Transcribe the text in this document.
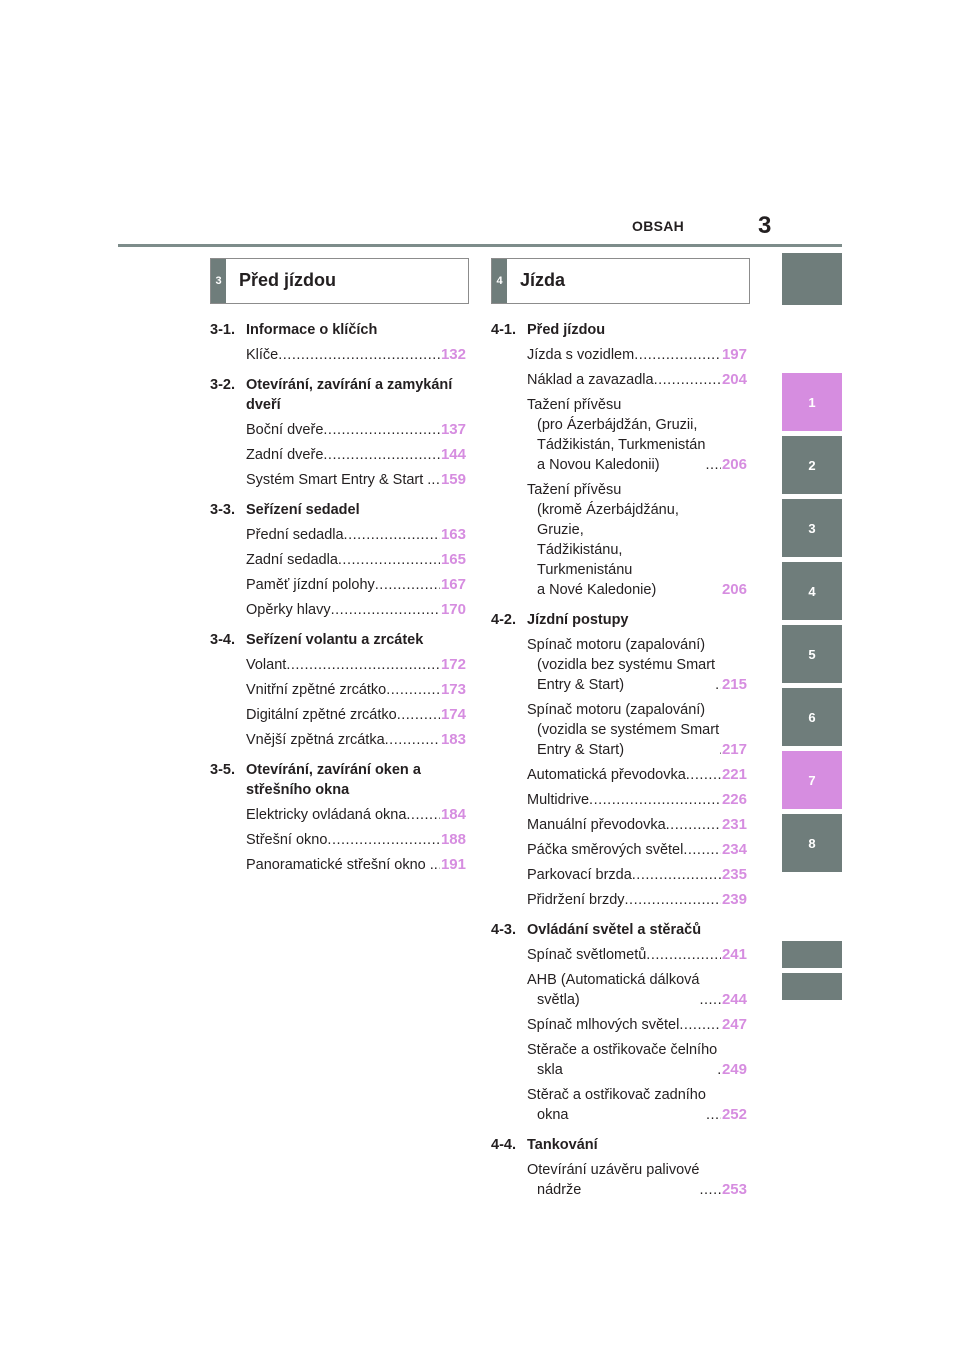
OBSAH	3
1
2
3
4
5
6
7
8
3 Před jízdou	4 Jízda
3-1. Informace o klíčích
Klíče .....	132
3-2. Otevírání, zavírání a zamykání dveří
Boční dveře .....	137
Zadní dveře .....	144
Systém Smart Entry & Start . ..... 159
3-3. Seřízení sedadel
Přední sedadla .....	163
Zadní sedadla .....	165
Paměť jízdní polohy .....	167
Opěrky hlavy .....	170
3-4. Seřízení volantu a zrcátek
Volant .....	172
Vnitřní zpětné zrcátko .....	173
Digitální zpětné zrcátko .....	174
Vnější zpětná zrcátka .....	183
3-5. Otevírání, zavírání oken a střešního okna
Elektricky ovládaná okna ..... 184
Střešní okno .....	188
Panoramatické střešní okno . ..... 191
4-1. Před jízdou
Jízda s vozidlem .....	197
Náklad a zavazadla .....	204
Tažení přívěsu
(pro Ázerbájdžán, Gruzii,
Tádžikistán, Turkmenistán
a Novou Kaledonii) .....	206
Tažení přívěsu
(kromě Ázerbájdžánu, Gruzie,
Tádžikistánu, Turkmenistánu
a Nové Kaledonie)	206
4-2. Jízdní postupy
Spínač motoru (zapalování)
(vozidla bez systému Smart
Entry & Start) .....	215
Spínač motoru (zapalování)
(vozidla se systémem Smart
Entry & Start) .....	217
Automatická převodovka ..... 221
Multidrive .....	226
Manuální převodovka .....	231
Páčka směrových světel .....	234
Parkovací brzda .....	235
Přidržení brzdy .....	239
4-3. Ovládání světel a stěračů
Spínač světlometů .....	241
AHB (Automatická dálková
světla) .....	244
Spínač mlhových světel .....	247
Stěrače a ostřikovače čelního
skla .....	249
Stěrač a ostřikovač zadního
okna .....	252
4-4. Tankování
Otevírání uzávěru palivové
nádrže .....	253
